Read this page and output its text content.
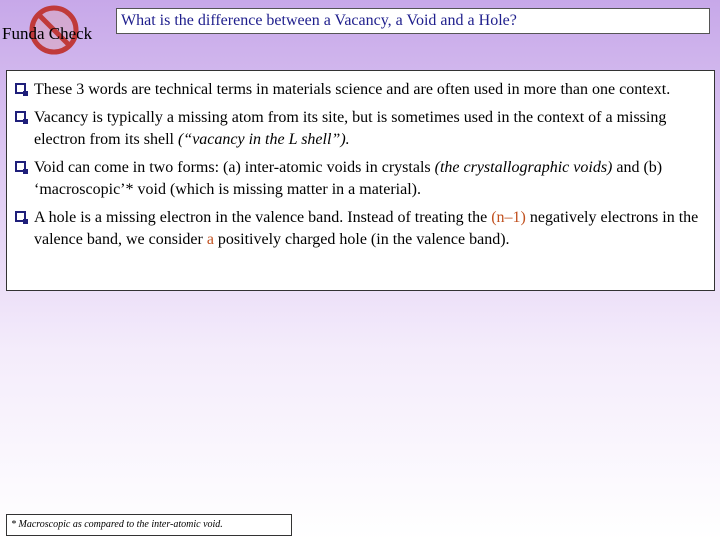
Funda Check
What is the difference between a Vacancy, a Void and a Hole?
These 3 words are technical terms in materials science and are often used in more than one context.
Vacancy is typically a missing atom from its site, but is sometimes used in the context of a missing electron from its shell (“vacancy in the L shell”).
Void can come in two forms: (a) inter-atomic voids in crystals (the crystallographic voids) and (b) ‘macroscopic’* void (which is missing matter in a material).
A hole is a missing electron in the valence band. Instead of treating the (n–1) negatively electrons in the valence band, we consider a positively charged hole (in the valence band).
* Macroscopic as compared to the inter-atomic void.
